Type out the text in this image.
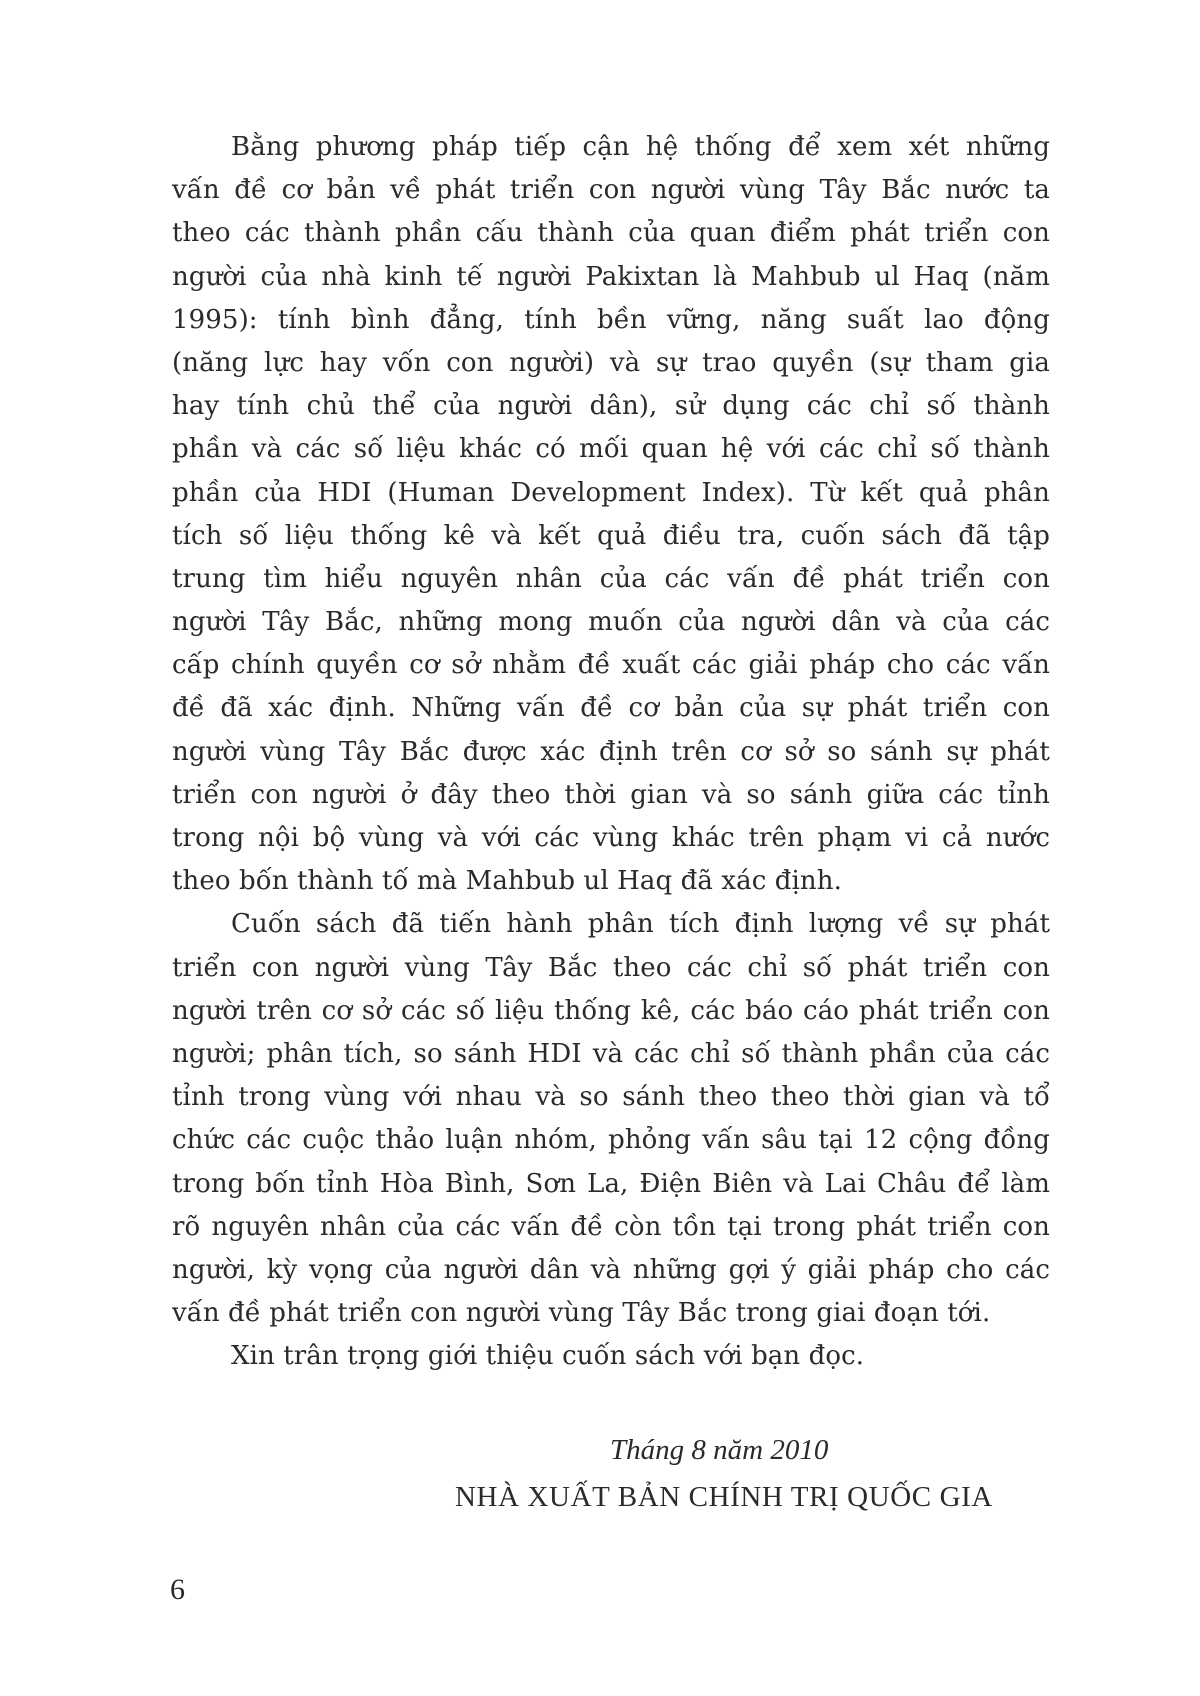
Bằng phương pháp tiếp cận hệ thống để xem xét những
vấn đề cơ bản về phát triển con người vùng Tây Bắc nước ta
theo các thành phần cấu thành của quan điểm phát triển con
người của nhà kinh tế người Pakixtan là Mahbub ul Haq (năm
1995): tính bình đẳng, tính bền vững, năng suất lao động
(năng lực hay vốn con người) và sự trao quyền (sự tham gia
hay tính chủ thể của người dân), sử dụng các chỉ số thành
phần và các số liệu khác có mối quan hệ với các chỉ số thành
phần của HDI (Human Development Index). Từ kết quả phân
tích số liệu thống kê và kết quả điều tra, cuốn sách đã tập
trung tìm hiểu nguyên nhân của các vấn đề phát triển con
người Tây Bắc, những mong muốn của người dân và của các
cấp chính quyền cơ sở nhằm đề xuất các giải pháp cho các vấn
đề đã xác định. Những vấn đề cơ bản của sự phát triển con
người vùng Tây Bắc được xác định trên cơ sở so sánh sự phát
triển con người ở đây theo thời gian và so sánh giữa các tỉnh
trong nội bộ vùng và với các vùng khác trên phạm vi cả nước
theo bốn thành tố mà Mahbub ul Haq đã xác định.

Cuốn sách đã tiến hành phân tích định lượng về sự phát
triển con người vùng Tây Bắc theo các chỉ số phát triển con
người trên cơ sở các số liệu thống kê, các báo cáo phát triển con
người; phân tích, so sánh HDI và các chỉ số thành phần của các
tỉnh trong vùng với nhau và so sánh theo theo thời gian và tổ
chức các cuộc thảo luận nhóm, phỏng vấn sâu tại 12 cộng đồng
trong bốn tỉnh Hòa Bình, Sơn La, Điện Biên và Lai Châu để làm
rõ nguyên nhân của các vấn đề còn tồn tại trong phát triển con
người, kỳ vọng của người dân và những gợi ý giải pháp cho các
vấn đề phát triển con người vùng Tây Bắc trong giai đoạn tới.

Xin trân trọng giới thiệu cuốn sách với bạn đọc.

Tháng 8 năm 2010
NHÀ XUẤT BẢN CHÍNH TRỊ QUỐC GIA
6
